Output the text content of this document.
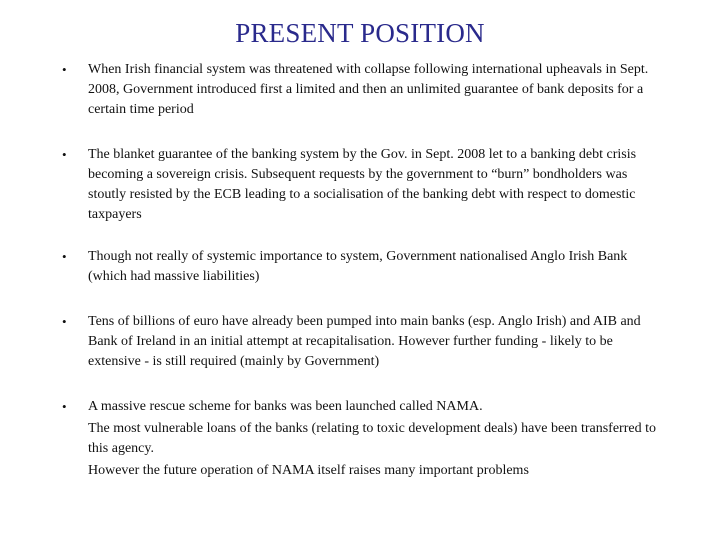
PRESENT POSITION
• When Irish financial system was threatened with collapse following international upheavals in Sept. 2008, Government introduced first a limited and then an unlimited guarantee of bank deposits for a certain time period

• The blanket guarantee of the banking system by the Gov. in Sept. 2008 let to a banking debt crisis becoming a sovereign crisis. Subsequent requests by the government to “burn” bondholders was stoutly resisted by the ECB leading to a socialisation of the banking debt with respect to domestic taxpayers

• Though not really of systemic importance to system, Government nationalised Anglo Irish Bank (which had massive liabilities)

• Tens of billions of euro have already been pumped into main banks (esp. Anglo Irish) and AIB and Bank of Ireland in an initial attempt at recapitalisation. However further funding - likely to be extensive - is still required (mainly by Government)

• A massive rescue scheme for banks was been launched called NAMA.

The most vulnerable loans of the banks (relating to toxic development deals) have been transferred to this agency.

However the future operation of NAMA itself raises many important problems
